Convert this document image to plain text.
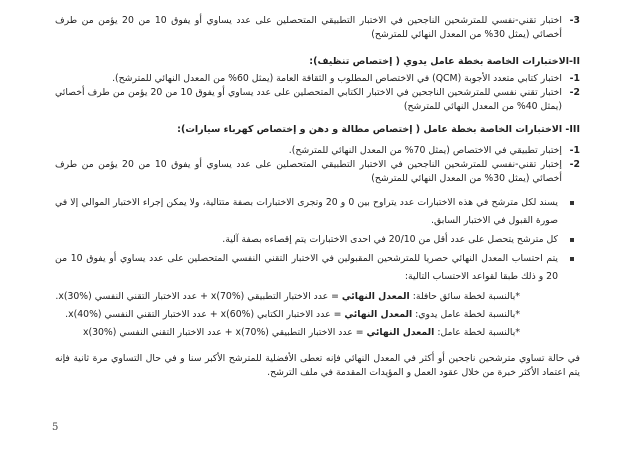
3-
اختبار تقني-نفسي للمترشحين الناجحين في الاختبار التطبيقي المتحصلين على عدد يساوي أو يفوق 10 من 20 يؤمن من طرف أخصائي (يمثل 30% من المعدل النهائي للمترشح)
II-الاختبارات الخاصة بخطة عامل يدوي ( إختصاص تنظيف):
1-
اختبار كتابي متعدد الأجوبة (QCM) في الاختصاص المطلوب و الثقافة العامة (يمثل 60% من المعدل النهائي للمترشح).
2-
اختبار تقني نفسي للمترشحين الناجحين في الاختبار الكتابي المتحصلين على عدد يساوي أو يفوق 10 من 20 يؤمن من طرف أخصائي (يمثل 40% من المعدل النهائي للمترشح)
III- الاختبارات الخاصة بخطة عامل ( إختصاص مطالة و دهن و إختصاص كهرباء سيارات):
1-
إختبار تطبيقي في الاختصاص (يمثل 70% من المعدل النهائي للمترشح).
2-
إختبار تقني-نفسي للمترشحين الناجحين في الاختبار التطبيقي المتحصلين على عدد يساوي أو يفوق 10 من 20 يؤمن من طرف أخصائي (يمثل 30% من المعدل النهائي للمترشح)
يسند لكل مترشح في هذه الاختبارات عدد يتراوح بين 0 و 20 وتجرى الاختبارات بصفة متتالية، ولا يمكن إجراء الاختبار الموالي إلا في صورة القبول في الاختبار السابق.
كل مترشح يتحصل على عدد أقل من 20/10 في احدى الاختبارات يتم إقصاءه بصفة آلية.
يتم احتساب المعدل النهائي حصريا للمترشحين المقبولين في الاختبار التقني النفسي المتحصلين على عدد يساوي أو يفوق 10 من 20 و ذلك طبقا لقواعد الاحتساب التالية:
*بالنسبة لخطة سائق حافلة: المعدل النهائي = عدد الاختبار التطبيقي x(70%) + عدد الاختبار التقني النفسي x(30%).
*بالنسبة لخطة عامل يدوي: المعدل النهائي = عدد الاختبار الكتابي x(60%) + عدد الاختبار التقني النفسي x(40%).
*بالنسبة لخطة عامل: المعدل النهائي = عدد الاختبار التطبيقي x(70%) + عدد الاختبار التقني النفسي x(30%)
في حالة تساوي مترشحين ناجحين أو أكثر في المعدل النهائي فإنه تعطى الأفضلية للمترشح الأكبر سنا و في حال التساوي مرة ثانية فإنه يتم اعتماد الأكثر خبرة من خلال عقود العمل و المؤيدات المقدمة في ملف الترشح.
5
